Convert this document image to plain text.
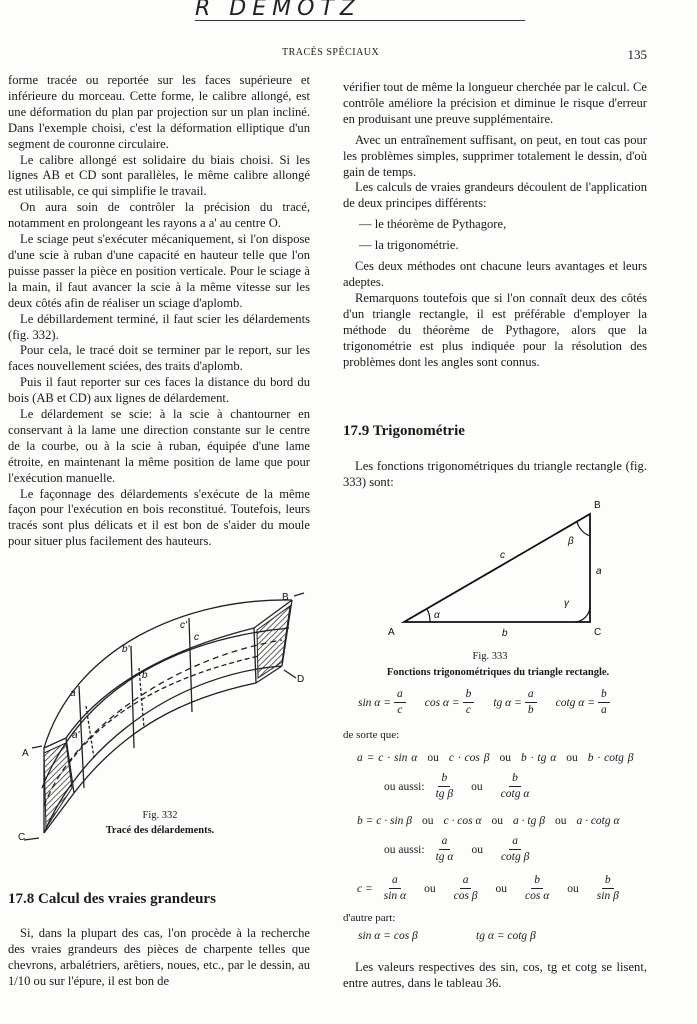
R DEMOTZ
TRACÉS SPÉCIAUX	135

forme tracée ou reportée sur les faces supérieure et inférieure du morceau. Cette forme, le calibre allongé, est une déformation du plan par projection sur un plan incliné. Dans l'exemple choisi, c'est la déformation elliptique d'un segment de couronne circulaire.

Le calibre allongé est solidaire du biais choisi. Si les lignes AB et CD sont parallèles, le même calibre allongé est utilisable, ce qui simplifie le travail.

On aura soin de contrôler la précision du tracé, notamment en prolongeant les rayons a a' au centre O.

Le sciage peut s'exécuter mécaniquement, si l'on dispose d'une scie à ruban d'une capacité en hauteur telle que l'on puisse passer la pièce en position verticale. Pour le sciage à la main, il faut avancer la scie à la même vitesse sur les deux côtés afin de réaliser un sciage d'aplomb.

Le débillardement terminé, il faut scier les délardements (fig. 332).

Pour cela, le tracé doit se terminer par le report, sur les faces nouvellement sciées, des traits d'aplomb.

Puis il faut reporter sur ces faces la distance du bord du bois (AB et CD) aux lignes de délardement.

Le délardement se scie: à la scie à chantourner en conservant à la lame une direction constante sur le centre de la courbe, ou à la scie à ruban, équipée d'une lame étroite, en maintenant la même position de lame que pour l'exécution manuelle.

Le façonnage des délardements s'exécute de la même façon pour l'exécution en bois reconstitué. Toutefois, leurs tracés sont plus délicats et il est bon de s'aider du moule pour situer plus facilement des hauteurs.

A
B
C
D
a
a'
b
b'
c
c'
Fig. 332
Tracé des délardements.
17.8 Calcul des vraies grandeurs

Si, dans la plupart des cas, l'on procède à la recherche des vraies grandeurs des pièces de charpente telles que chevrons, arbalétriers, arêtiers, noues, etc., par le dessin, au 1/10 ou sur l'épure, il est bon de

vérifier tout de même la longueur cherchée par le calcul. Ce contrôle améliore la précision et diminue le risque d'erreur en produisant une preuve supplémentaire.

Avec un entraînement suffisant, on peut, en tout cas pour les problèmes simples, supprimer totalement le dessin, d'où gain de temps.

Les calculs de vraies grandeurs découlent de l'application de deux principes différents:

— le théorème de Pythagore,

— la trigonométrie.

Ces deux méthodes ont chacune leurs avantages et leurs adeptes.

Remarquons toutefois que si l'on connaît deux des côtés d'un triangle rectangle, il est préférable d'employer la méthode du théorème de Pythagore, alors que la trigonométrie est plus indiquée pour la résolution des problèmes dont les angles sont connus.

17.9 Trigonométrie

Les fonctions trigonométriques du triangle rectangle (fig. 333) sont:

A
B
C
a
b
c
α
β
γ
Fig. 333
Fonctions trigonométriques du triangle rectangle.
$\sin \alpha = \frac{a}{c}$ $\cos \alpha = \frac{b}{c}$ tg $\alpha = \frac{a}{b}$ cotg $\alpha = \frac{b}{a}$
de sorte que:
a = c · sin α ou c · cos β ou b · tg α ou b · cotg β
ou aussi:
b
tg β
ou
b
cotg α
b = c · sin β ou c · cos α ou a · tg β ou a · cotg α
ou aussi:
a
tg α
ou
a
cotg β
$c = \frac{a}{\text{sin α}}$ ou
a
cos β
ou
b
cos α
ou
b
sin β
d'autre part:
sin α = cos β	tg α = cotg β

Les valeurs respectives des sin, cos, tg et cotg se lisent, entre autres, dans le tableau 36.
